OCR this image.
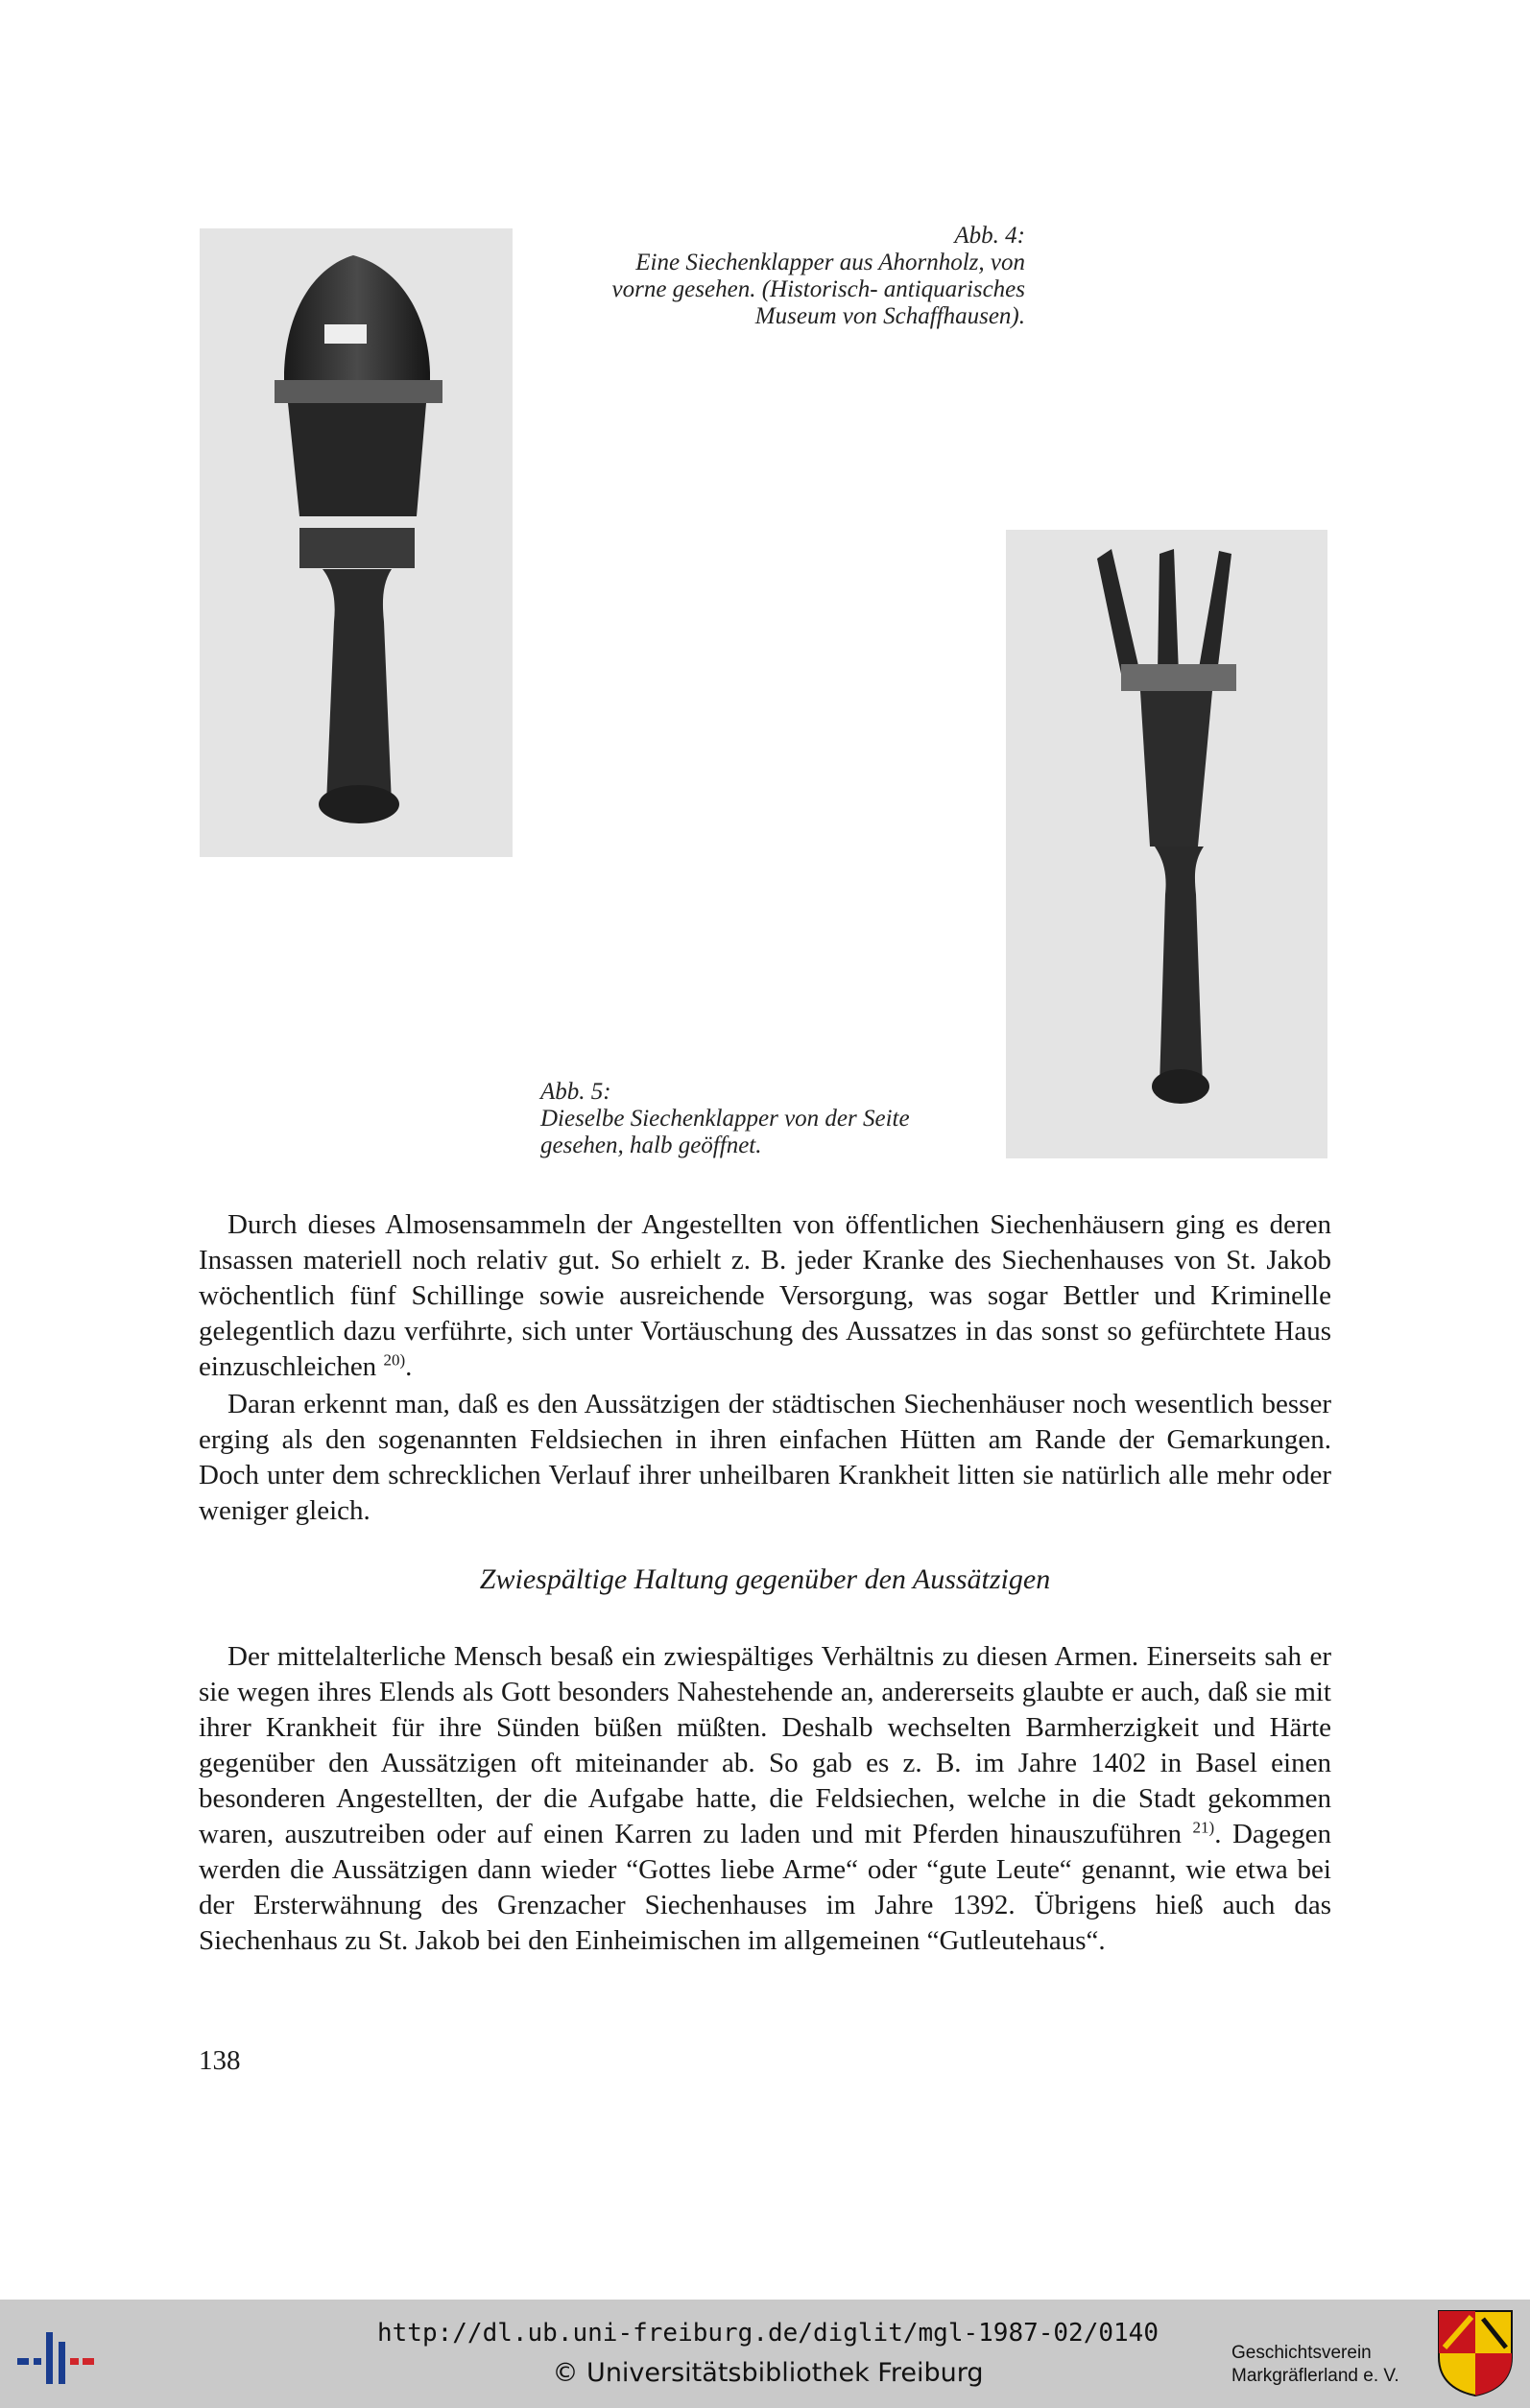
Abb. 4:
Eine Siechenklapper aus Ahornholz, von
vorne gesehen. (Historisch- antiquarisches
Museum von Schaffhausen).
Abb. 5:
Dieselbe Siechenklapper von der Seite
gesehen, halb geöffnet.

Durch dieses Almosensammeln der Angestellten von öffentlichen Siechenhäusern ging es deren Insassen materiell noch relativ gut. So erhielt z. B. jeder Kranke des Siechenhauses von St. Jakob wöchentlich fünf Schillinge sowie ausreichende Versorgung, was sogar Bettler und Kriminelle gelegentlich dazu verführte, sich unter Vortäuschung des Aussatzes in das sonst so gefürchtete Haus einzuschleichen $^{20)}$.

Daran erkennt man, daß es den Aussätzigen der städtischen Siechenhäuser noch wesentlich besser erging als den sogenannten Feldsiechen in ihren einfachen Hütten am Rande der Gemarkungen. Doch unter dem schrecklichen Verlauf ihrer unheilbaren Krankheit litten sie natürlich alle mehr oder weniger gleich.

Zwiespältige Haltung gegenüber den Aussätzigen

Der mittelalterliche Mensch besaß ein zwiespältiges Verhältnis zu diesen Armen. Einerseits sah er sie wegen ihres Elends als Gott besonders Nahestehende an, andererseits glaubte er auch, daß sie mit ihrer Krankheit für ihre Sünden büßen müßten. Deshalb wechselten Barmherzigkeit und Härte gegenüber den Aussätzigen oft miteinander ab. So gab es z. B. im Jahre 1402 in Basel einen besonderen Angestellten, der die Aufgabe hatte, die Feldsiechen, welche in die Stadt gekommen waren, auszutreiben oder auf einen Karren zu laden und mit Pferden hinauszuführen $^{21)}$. Dagegen werden die Aussätzigen dann wieder “Gottes liebe Arme“ oder “gute Leute“ genannt, wie etwa bei der Ersterwähnung des Grenzacher Siechenhauses im Jahre 1392. Übrigens hieß auch das Siechenhaus zu St. Jakob bei den Einheimischen im allgemeinen “Gutleutehaus“.

138
http://dl.ub.uni-freiburg.de/diglit/mgl-1987-02/0140
© Universitätsbibliothek Freiburg
Geschichtsverein
Markgräflerland e. V.
